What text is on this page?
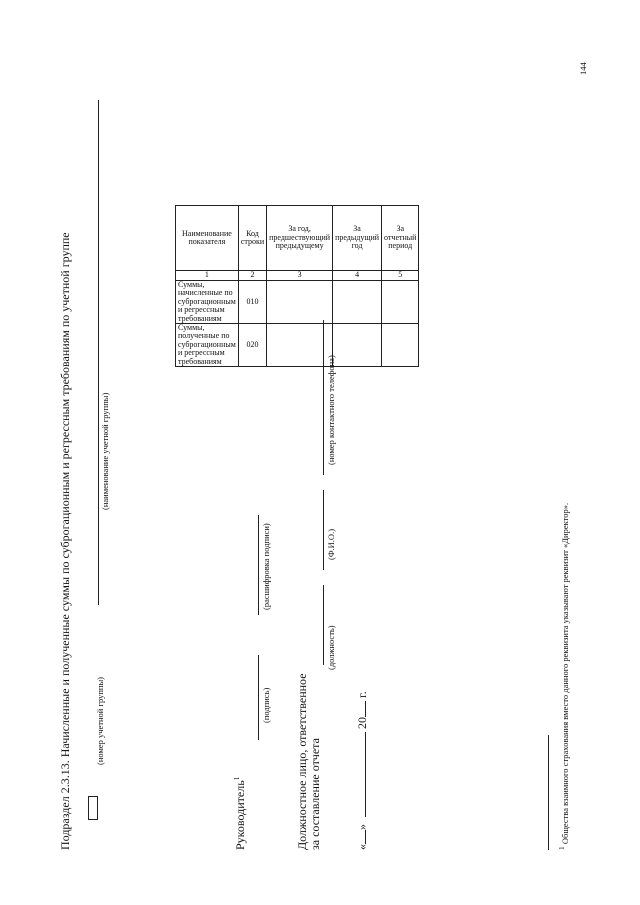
Подраздел 2.3.13. Начисленные и полученные суммы по суброгационным и регрессным требованиям по учетной группе	(номер учетной группы)
(наименование учетной группы)
Наименование показателя	Код строки	За год, предшествующий предыдущему	За предыдущий год	За отчетный период
1	2	3	4	5
Суммы, начисленные по суброгационным и регрессным требованиям	010			
Суммы, полученные по суброгационным и регрессным требованиям	020			
Руководитель$^1$
(подпись)
(расшифровка подписи)
Должностное лицо, ответственное за составление отчета
(должность)
(Ф.И.О.)
(номер контактного телефона)
«»  20 г.
$^1$ Общества взаимного страхования вместо данного реквизита указывают реквизит «Директор».
144
